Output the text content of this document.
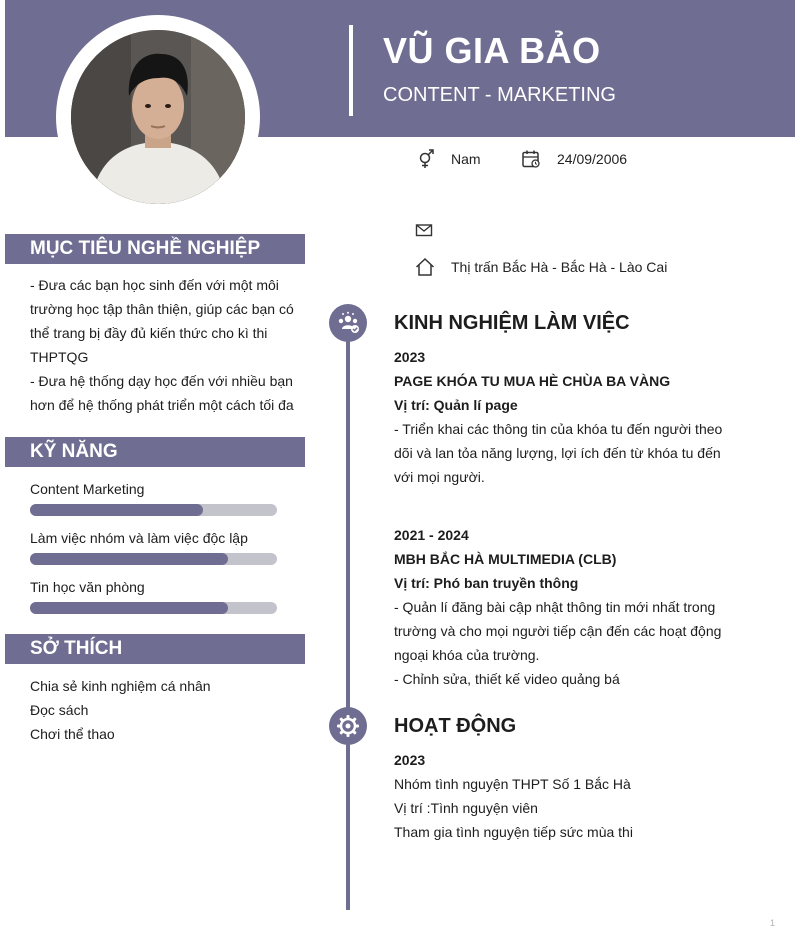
VŨ GIA BẢO
CONTENT - MARKETING
Nam	24/09/2006
Thị trấn Bắc Hà - Bắc Hà - Lào Cai
MỤC TIÊU NGHỀ NGHIỆP

- Đưa các bạn học sinh đến với một môi trường học tập thân thiện, giúp các bạn có thể trang bị đầy đủ kiến thức cho kì thi THPTQG

- Đưa hệ thống dạy học đến với nhiều bạn hơn để hệ thống phát triển một cách tối đa

KỸ NĂNG
Content Marketing
Làm việc nhóm và làm việc độc lập
Tin học văn phòng
SỞ THÍCH

Chia sẻ kinh nghiệm cá nhân

Đọc sách

Chơi thể thao

KINH NGHIỆM LÀM VIỆC

2023

PAGE KHÓA TU MUA HÈ CHÙA BA VÀNG

Vị trí: Quản lí page

- Triển khai các thông tin của khóa tu đến người theo dõi và lan tỏa năng lượng, lợi ích đến từ khóa tu đến với mọi người.

2021 - 2024

MBH BẮC HÀ MULTIMEDIA (CLB)

Vị trí: Phó ban truyền thông

- Quản lí đăng bài cập nhật thông tin mới nhất trong trường và cho mọi người tiếp cận đến các hoạt động ngoại khóa của trường.

- Chỉnh sửa, thiết kế video quảng bá

HOẠT ĐỘNG

2023

Nhóm tình nguyện THPT Số 1 Bắc Hà

Vị trí :Tình nguyện viên

Tham gia tình nguyện tiếp sức mùa thi

1
